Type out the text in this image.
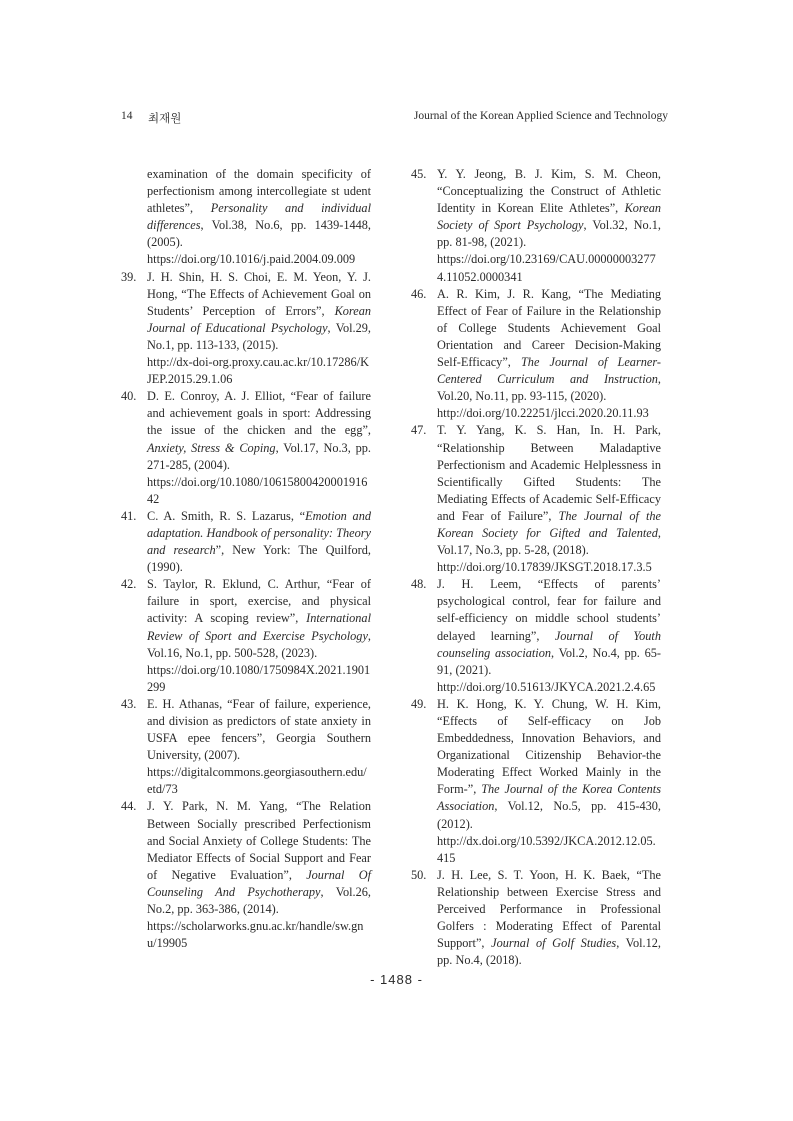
14 최재원	Journal of the Korean Applied Science and Technology
examination of the domain specificity of perfectionism among intercollegiate st udent athletes”, Personality and individual differences, Vol.38, No.6, pp. 1439-1448, (2005).
https://doi.org/10.1016/j.paid.2004.09.009
39. J. H. Shin, H. S. Choi, E. M. Yeon, Y. J. Hong, “The Effects of Achievement Goal on Students’ Perception of Errors”, Korean Journal of Educational Psychology, Vol.29, No.1, pp. 113-133, (2015).
http://dx-doi-org.proxy.cau.ac.kr/10.17286/KJEP.2015.29.1.06
40. D. E. Conroy, A. J. Elliot, “Fear of failure and achievement goals in sport: Addressing the issue of the chicken and the egg”, Anxiety, Stress & Coping, Vol.17, No.3, pp. 271-285, (2004).
https://doi.org/10.1080/1061580042000191642
41. C. A. Smith, R. S. Lazarus, “Emotion and adaptation. Handbook of personality: Theory and research”, New York: The Quilford, (1990).
42. S. Taylor, R. Eklund, C. Arthur, “Fear of failure in sport, exercise, and physical activity: A scoping review”, International Review of Sport and Exercise Psychology, Vol.16, No.1, pp. 500-528, (2023).
https://doi.org/10.1080/1750984X.2021.1901299
43. E. H. Athanas, “Fear of failure, experience, and division as predictors of state anxiety in USFA epee fencers”, Georgia Southern University, (2007).
https://digitalcommons.georgiasouthern.edu/etd/73
44. J. Y. Park, N. M. Yang, “The Relation Between Socially prescribed Perfectionism and Social Anxiety of College Students: The Mediator Effects of Social Support and Fear of Negative Evaluation”, Journal Of Counseling And Psychotherapy, Vol.26, No.2, pp. 363-386, (2014).
https://scholarworks.gnu.ac.kr/handle/sw.gnu/19905
45. Y. Y. Jeong, B. J. Kim, S. M. Cheon, “Conceptualizing the Construct of Athletic Identity in Korean Elite Athletes”, Korean Society of Sport Psychology, Vol.32, No.1, pp. 81-98, (2021).
https://doi.org/10.23169/CAU.000000032774.11052.0000341
46. A. R. Kim, J. R. Kang, “The Mediating Effect of Fear of Failure in the Relationship of College Students Achievement Goal Orientation and Career Decision-Making Self-Efficacy”, The Journal of Learner-Centered Curriculum and Instruction, Vol.20, No.11, pp. 93-115, (2020).
http://doi.org/10.22251/jlcci.2020.20.11.93
47. T. Y. Yang, K. S. Han, In. H. Park, “Relationship Between Maladaptive Perfectionism and Academic Helplessness in Scientifically Gifted Students: The Mediating Effects of Academic Self-Efficacy and Fear of Failure”, The Journal of the Korean Society for Gifted and Talented, Vol.17, No.3, pp. 5-28, (2018).
http://doi.org/10.17839/JKSGT.2018.17.3.5
48. J. H. Leem, “Effects of parents’ psychological control, fear for failure and self-efficiency on middle school students’ delayed learning”, Journal of Youth counseling association, Vol.2, No.4, pp. 65-91, (2021).
http://doi.org/10.51613/JKYCA.2021.2.4.65
49. H. K. Hong, K. Y. Chung, W. H. Kim, “Effects of Self-efficacy on Job Embeddedness, Innovation Behaviors, and Organizational Citizenship Behavior-the Moderating Effect Worked Mainly in the Form-”, The Journal of the Korea Contents Association, Vol.12, No.5, pp. 415-430, (2012).
http://dx.doi.org/10.5392/JKCA.2012.12.05.415
50. J. H. Lee, S. T. Yoon, H. K. Baek, “The Relationship between Exercise Stress and Perceived Performance in Professional Golfers : Moderating Effect of Parental Support”, Journal of Golf Studies, Vol.12, pp. No.4, (2018).
- 1488 -
